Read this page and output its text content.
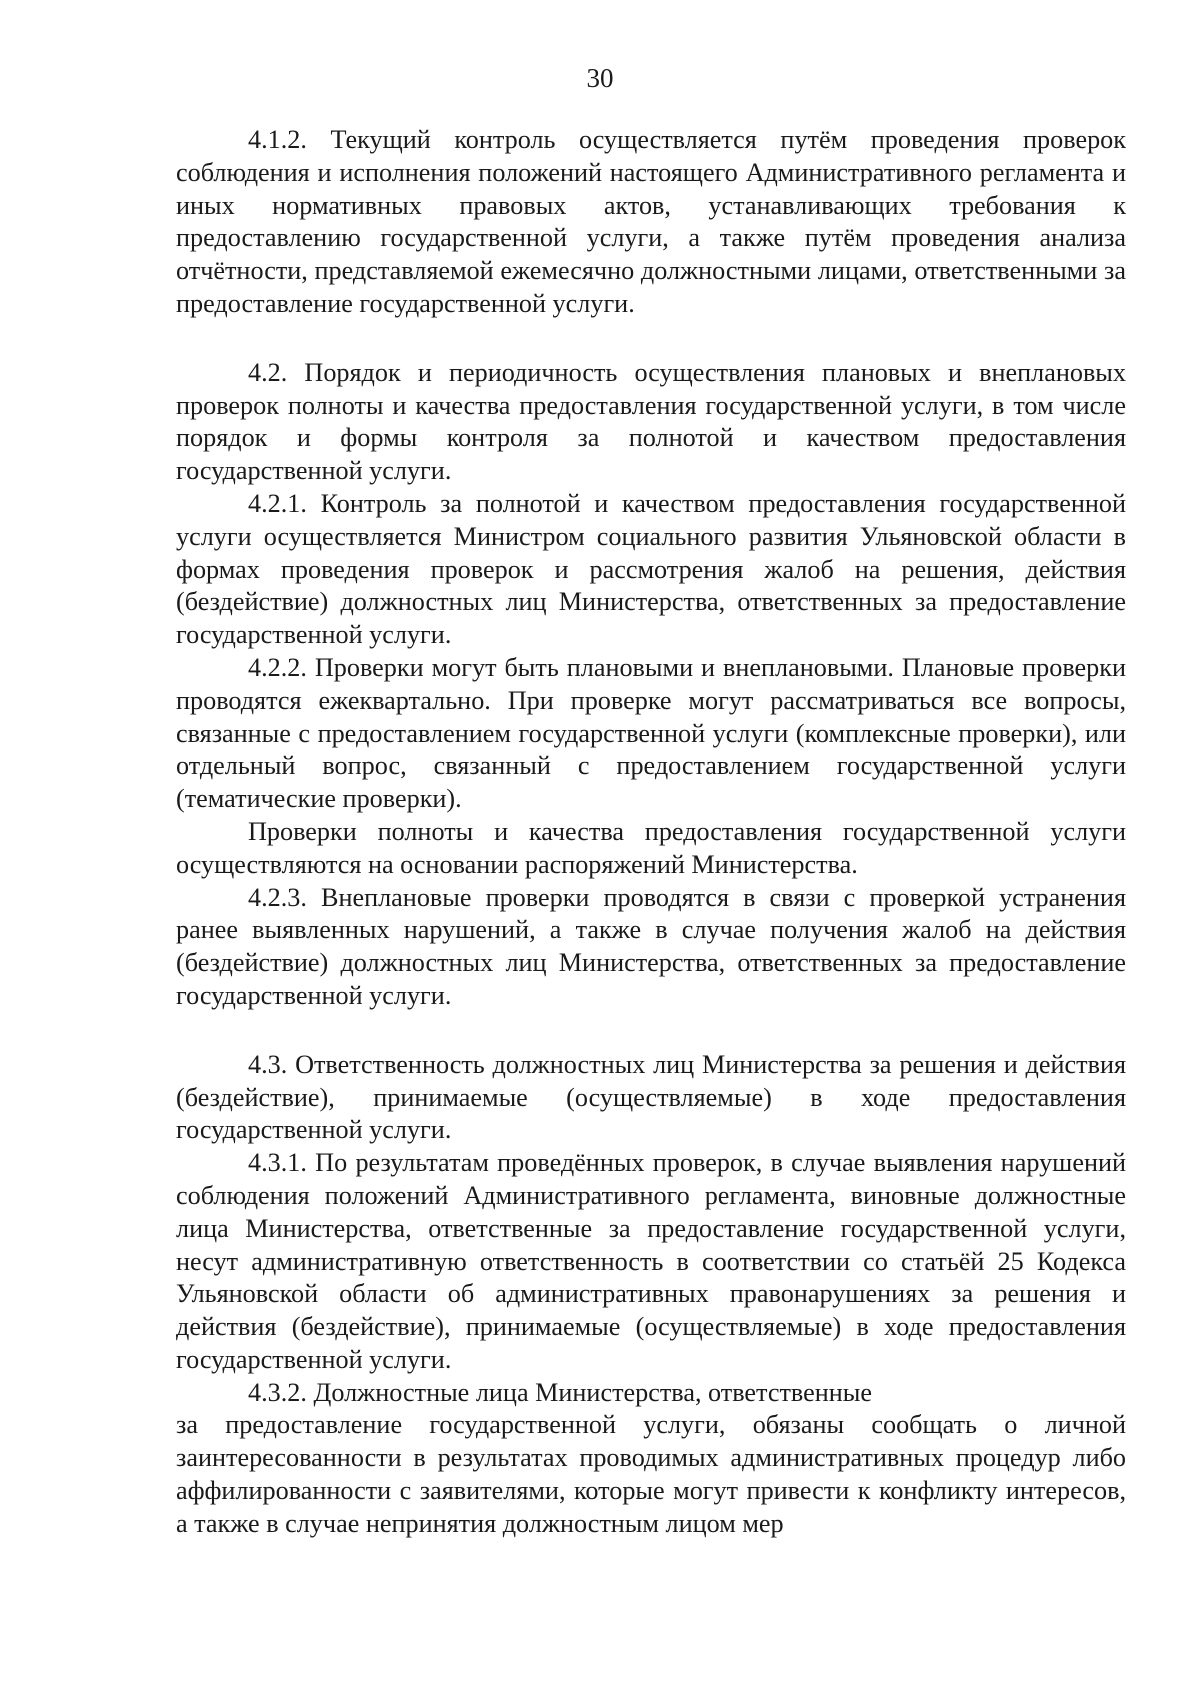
30

4.1.2. Текущий контроль осуществляется путём проведения проверок соблюдения и исполнения положений настоящего Административного регламента и иных нормативных правовых актов, устанавливающих требования к предоставлению государственной услуги, а также путём проведения анализа отчётности, представляемой ежемесячно должностными лицами, ответственными за предоставление государственной услуги.

4.2. Порядок и периодичность осуществления плановых и внеплановых проверок полноты и качества предоставления государственной услуги, в том числе порядок и формы контроля за полнотой и качеством предоставления государственной услуги.

4.2.1. Контроль за полнотой и качеством предоставления государственной услуги осуществляется Министром социального развития Ульяновской области в формах проведения проверок и рассмотрения жалоб на решения, действия (бездействие) должностных лиц Министерства, ответственных за предоставление государственной услуги.

4.2.2. Проверки могут быть плановыми и внеплановыми. Плановые проверки проводятся ежеквартально. При проверке могут рассматриваться все вопросы, связанные с предоставлением государственной услуги (комплексные проверки), или отдельный вопрос, связанный с предоставлением государственной услуги (тематические проверки).

Проверки полноты и качества предоставления государственной услуги осуществляются на основании распоряжений Министерства.

4.2.3. Внеплановые проверки проводятся в связи с проверкой устранения ранее выявленных нарушений, а также в случае получения жалоб на действия (бездействие) должностных лиц Министерства, ответственных за предоставление государственной услуги.

4.3. Ответственность должностных лиц Министерства за решения и действия (бездействие), принимаемые (осуществляемые) в ходе предоставления государственной услуги.

4.3.1. По результатам проведённых проверок, в случае выявления нарушений соблюдения положений Административного регламента, виновные должностные лица Министерства, ответственные за предоставление государственной услуги, несут административную ответственность в соответствии со статьёй 25 Кодекса Ульяновской области об административных правонарушениях за решения и действия (бездействие), принимаемые (осуществляемые) в ходе предоставления государственной услуги.

4.3.2. Должностные лица Министерства, ответственные

за предоставление государственной услуги, обязаны сообщать о личной заинтересованности в результатах проводимых административных процедур либо аффилированности с заявителями, которые могут привести к конфликту интересов, а также в случае непринятия должностным лицом мер
